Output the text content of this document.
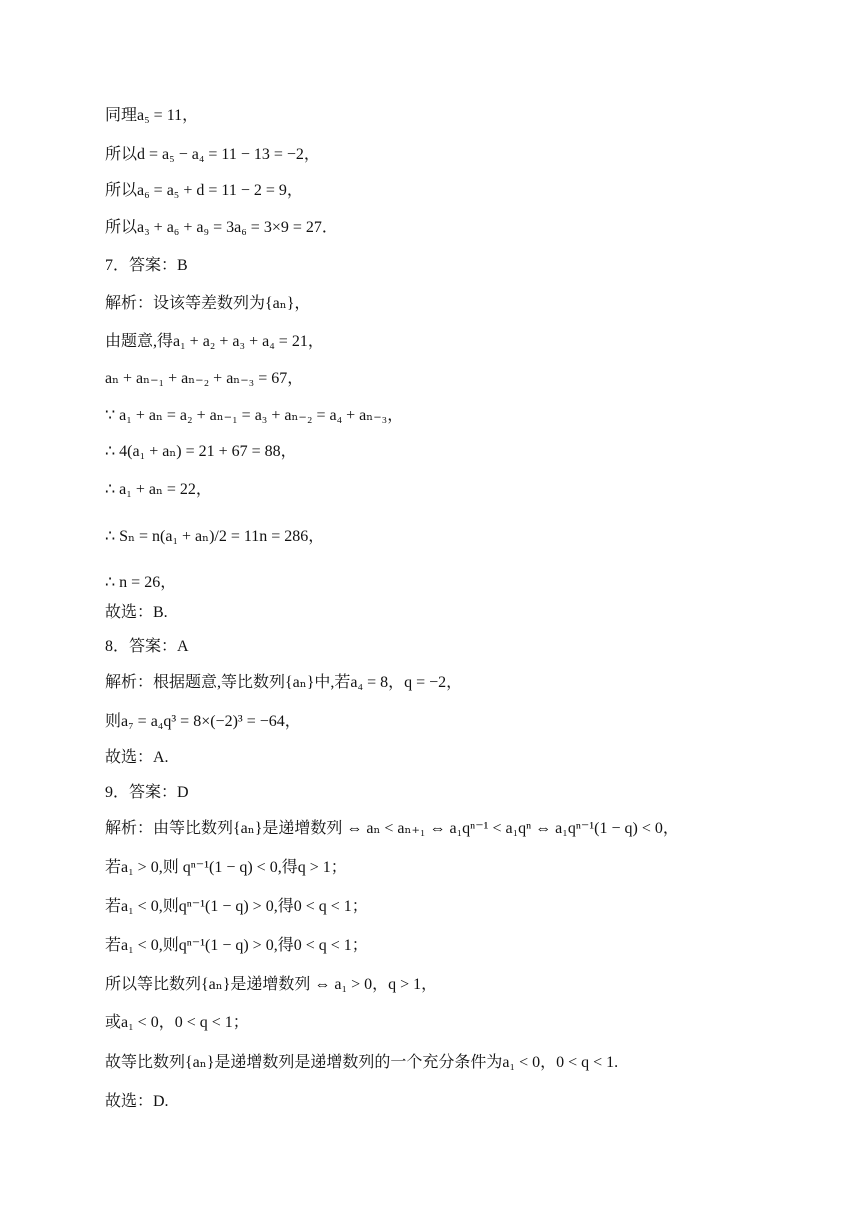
同理a₅ = 11，
所以d = a₅ − a₄ = 11 − 13 = −2，
所以a₆ = a₅ + d = 11 − 2 = 9，
所以a₃ + a₆ + a₉ = 3a₆ = 3×9 = 27．
7．答案：B
解析：设该等差数列为{aₙ}，
由题意,得a₁ + a₂ + a₃ + a₄ = 21，
aₙ + aₙ₋₁ + aₙ₋₂ + aₙ₋₃ = 67，
∵ a₁ + aₙ = a₂ + aₙ₋₁ = a₃ + aₙ₋₂ = a₄ + aₙ₋₃，
∴ 4(a₁ + aₙ) = 21 + 67 = 88，
∴ a₁ + aₙ = 22，
∴ Sₙ = n(a₁ + aₙ)/2 = 11n = 286，
∴ n = 26，
故选：B.
8．答案：A
解析：根据题意,等比数列{aₙ}中,若a₄ = 8，q = −2，
则a₇ = a₄q³ = 8×(−2)³ = −64，
故选：A.
9．答案：D
解析：由等比数列{aₙ}是递增数列 ⇔ aₙ < aₙ₊₁ ⇔ a₁qⁿ⁻¹ < a₁qⁿ ⇔ a₁qⁿ⁻¹(1 − q) < 0，
若a₁ > 0,则 qⁿ⁻¹(1 − q) < 0,得q > 1；
若a₁ < 0,则qⁿ⁻¹(1 − q) > 0,得0 < q < 1；
若a₁ < 0,则qⁿ⁻¹(1 − q) > 0,得0 < q < 1；
所以等比数列{aₙ}是递增数列 ⇔ a₁ > 0，q > 1，
或a₁ < 0，0 < q < 1；
故等比数列{aₙ}是递增数列是递增数列的一个充分条件为a₁ < 0，0 < q < 1.
故选：D.
